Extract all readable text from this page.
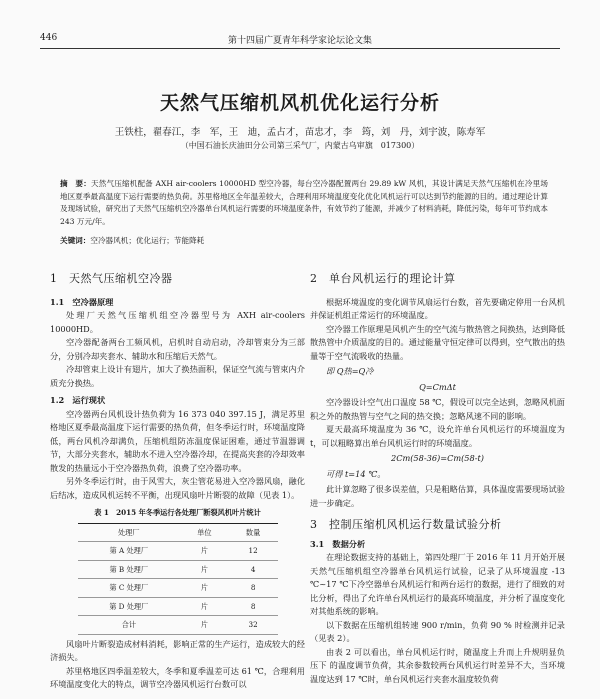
446	第十四届广夏青年科学家论坛论文集
天然气压缩机风机优化运行分析
王铁柱，翟春江，李　军，王　迪，孟占才，苗忠才，李　筠，刘　丹，刘宇波，陈寿军
（中国石油长庆油田分公司第三采气厂，内蒙古乌审旗　017300）
摘　要：天然气压缩机配备 AXH air-coolers 10000HD 型空冷器，每台空冷器配置两台 29.89 kW 风机，其设计满足天然气压缩机在冷里场地区夏季最高温度下运行需要的热负荷。苏里格地区全年温差较大，合理利用环境温度变化优化风机运行可以达到节约能源的目的。通过理论计算及现场试验，研究出了天然气压缩机空冷器单台风机运行需要的环境温度条件，有效节约了能源，并减少了材料消耗，降低污染，每年可节约成本 243 万元/年。
关键词：空冷器风机；优化运行；节能降耗
1　天然气压缩机空冷器
1.1　空冷器原理

处理厂天然气压缩机组空冷器型号为 AXH air-coolers 10000HD。

空冷器配备两台工频风机，启机时自动启动，冷却管束分为三部分，分别冷却夹套水、辅助水和压缩后天然气。

冷却管束上设计有翅片，加大了换热面积，保证空气流与管束内介质充分换热。

1.2　运行现状

空冷器两台风机设计热负荷为 16 373 040 397.15 J，满足苏里格地区夏季最高温度下运行需要的热负荷，但冬季运行时，环境温度降低，两台风机冷却满负，压缩机组防冻温度保证困难，通过节温器调节，大部分夹套水，辅助水不进入空冷器冷却，在提高夹套的冷却效率散发的热量远小于空冷器热负荷，浪费了空冷器功率。

另外冬季运行时，由于风雪大，灰尘管花易进入空冷器风扇，融化后结冰，造成风机运转不平衡，出现风扇叶片断裂的故障（见表 1）。

表 1　2015 年冬季运行各处理厂断裂风机叶片统计
处理厂	单位	数量
第 A 处理厂	片	12
第 B 处理厂	片	4
第 C 处理厂	片	8
第 D 处理厂	片	8
合计	片	32

风扇叶片断裂造成材料消耗，影响正常的生产运行，造成较大的经济损失。

苏里格地区四季温差较大，冬季和夏季温差可达 61 ℃，合理利用环境温度变化大的特点，调节空冷器风机运行台数可以

2　单台风机运行的理论计算

根据环境温度的变化调节风扇运行台数，首先要确定停用一台风机并保证机组正常运行的环境温度。

空冷器工作原理是风机产生的空气流与散热管之间换热，达到降低散热管中介质温度的目的。通过能量守恒定律可以得到，空气散出的热量等于空气流吸收的热量。

即 Q热=Q冷
Q=CmΔt

空冷器设计空气出口温度 58 ℃，假设可以完全达到，忽略风机面积之外的散热管与空气之间的热交换；忽略风速不同的影响。

夏天最高环境温度为 36 ℃，设允许单台风机运行的环境温度为 t，可以粗略算出单台风机运行时的环境温度。

2Cm(58-36)=Cm(58-t)
可得 t=14 ℃。

此计算忽略了很多误差值，只是粗略估算，具体温度需要现场试验进一步确定。

3　控制压缩机风机运行数量试验分析
3.1　数据分析

在理论数据支持的基础上，第四处理厂于 2016 年 11 月开始开展天然气压缩机组空冷器单台风机运行试验，记录了从环境温度 -13 ℃~17 ℃下冷空器单台风机运行和两台运行的数据，进行了细致的对比分析，得出了允许单台风机运行的最高环境温度，并分析了温度变化对其他系统的影响。

以下数据在压缩机组转速 900 r/min，负荷 90 % 时检测并记录（见表 2）。

由表 2 可以看出，单台风机运行时，随温度上升而上升规明显负压下 的温度调节负荷，其余参数较两台风机运行时差异不大，当环境温度达到 17 ℃时，单台风机运行夹套水温度较负荷
